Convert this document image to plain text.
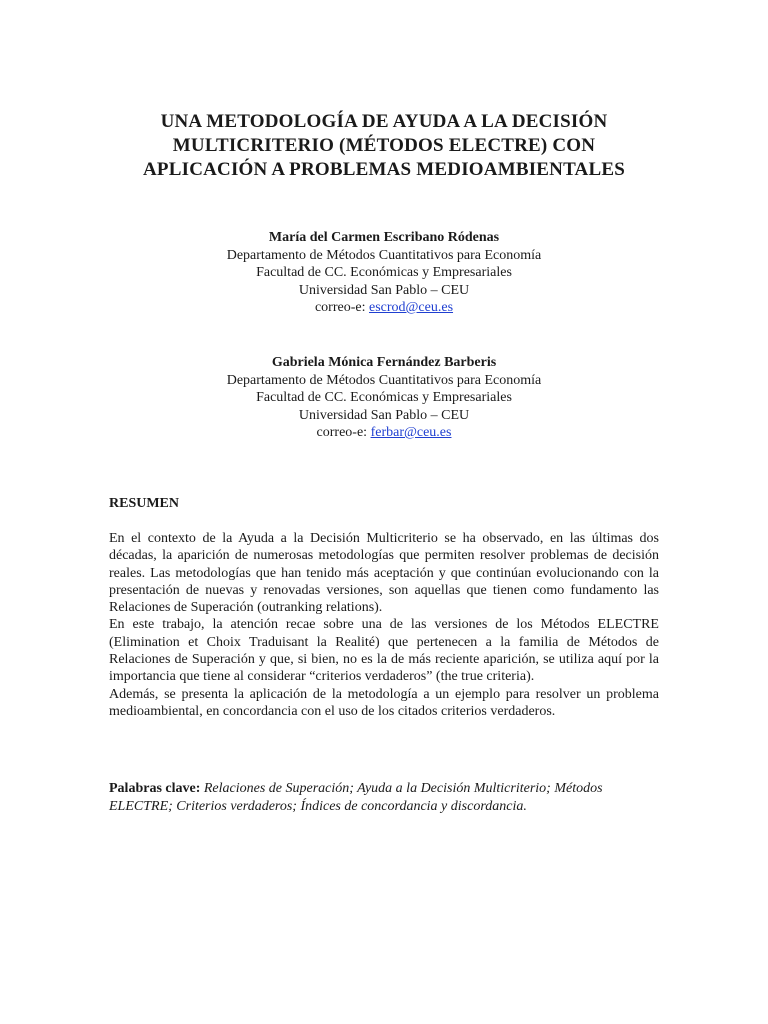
UNA METODOLOGÍA DE AYUDA A LA DECISIÓN
MULTICRITERIO (MÉTODOS ELECTRE) CON
APLICACIÓN A PROBLEMAS MEDIOAMBIENTALES
María del Carmen Escribano Ródenas
Departamento de Métodos Cuantitativos para Economía
Facultad de CC. Económicas y Empresariales
Universidad San Pablo – CEU
correo-e: escrod@ceu.es
Gabriela Mónica Fernández Barberis
Departamento de Métodos Cuantitativos para Economía
Facultad de CC. Económicas y Empresariales
Universidad San Pablo – CEU
correo-e: ferbar@ceu.es
RESUMEN

En el contexto de la Ayuda a la Decisión Multicriterio se ha observado, en las últimas dos décadas, la aparición de numerosas metodologías que permiten resolver problemas de decisión reales. Las metodologías que han tenido más aceptación y que continúan evolucionando con la presentación de nuevas y renovadas versiones, son aquellas que tienen como fundamento las Relaciones de Superación (outranking relations).

En este trabajo, la atención recae sobre una de las versiones de los Métodos ELECTRE (Elimination et Choix Traduisant la Realité) que pertenecen a la familia de Métodos de Relaciones de Superación y que, si bien, no es la de más reciente aparición, se utiliza aquí por la importancia que tiene al considerar “criterios verdaderos” (the true criteria).

Además, se presenta la aplicación de la metodología a un ejemplo para resolver un problema medioambiental, en concordancia con el uso de los citados criterios verdaderos.

Palabras clave: Relaciones de Superación; Ayuda a la Decisión Multicriterio; Métodos ELECTRE; Criterios verdaderos; Índices de concordancia y discordancia.
